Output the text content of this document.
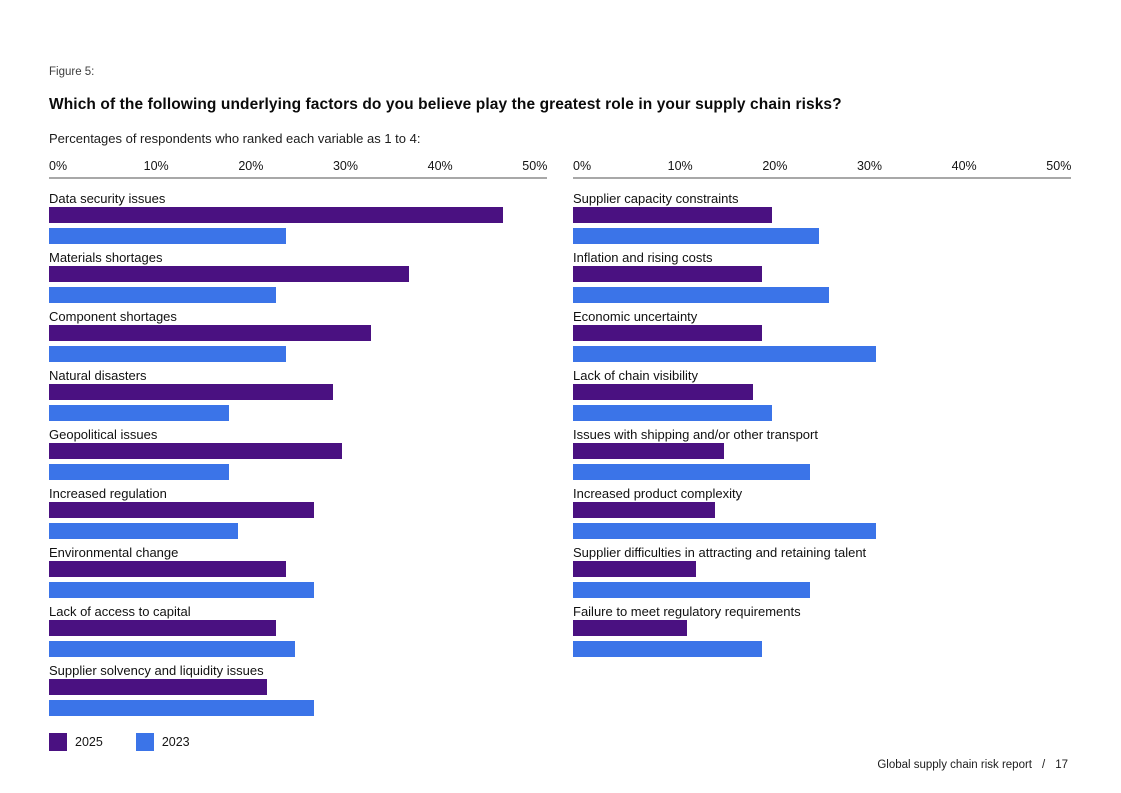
Figure 5:
Which of the following underlying factors do you believe play the greatest role in your supply chain risks?
Percentages of respondents who ranked each variable as 1 to 4:
0%	10%	20%	30%	40%	50%
Data security issues
Materials shortages
Component shortages
Natural disasters
Geopolitical issues
Increased regulation
Environmental change
Lack of access to capital
Supplier solvency and liquidity issues
0%	10%	20%	30%	40%	50%
Supplier capacity constraints
Inflation and rising costs
Economic uncertainty
Lack of chain visibility
Issues with shipping and/or other transport
Increased product complexity
Supplier difficulties in attracting and retaining talent
Failure to meet regulatory requirements
2025	2023
Global supply chain risk report / 17
